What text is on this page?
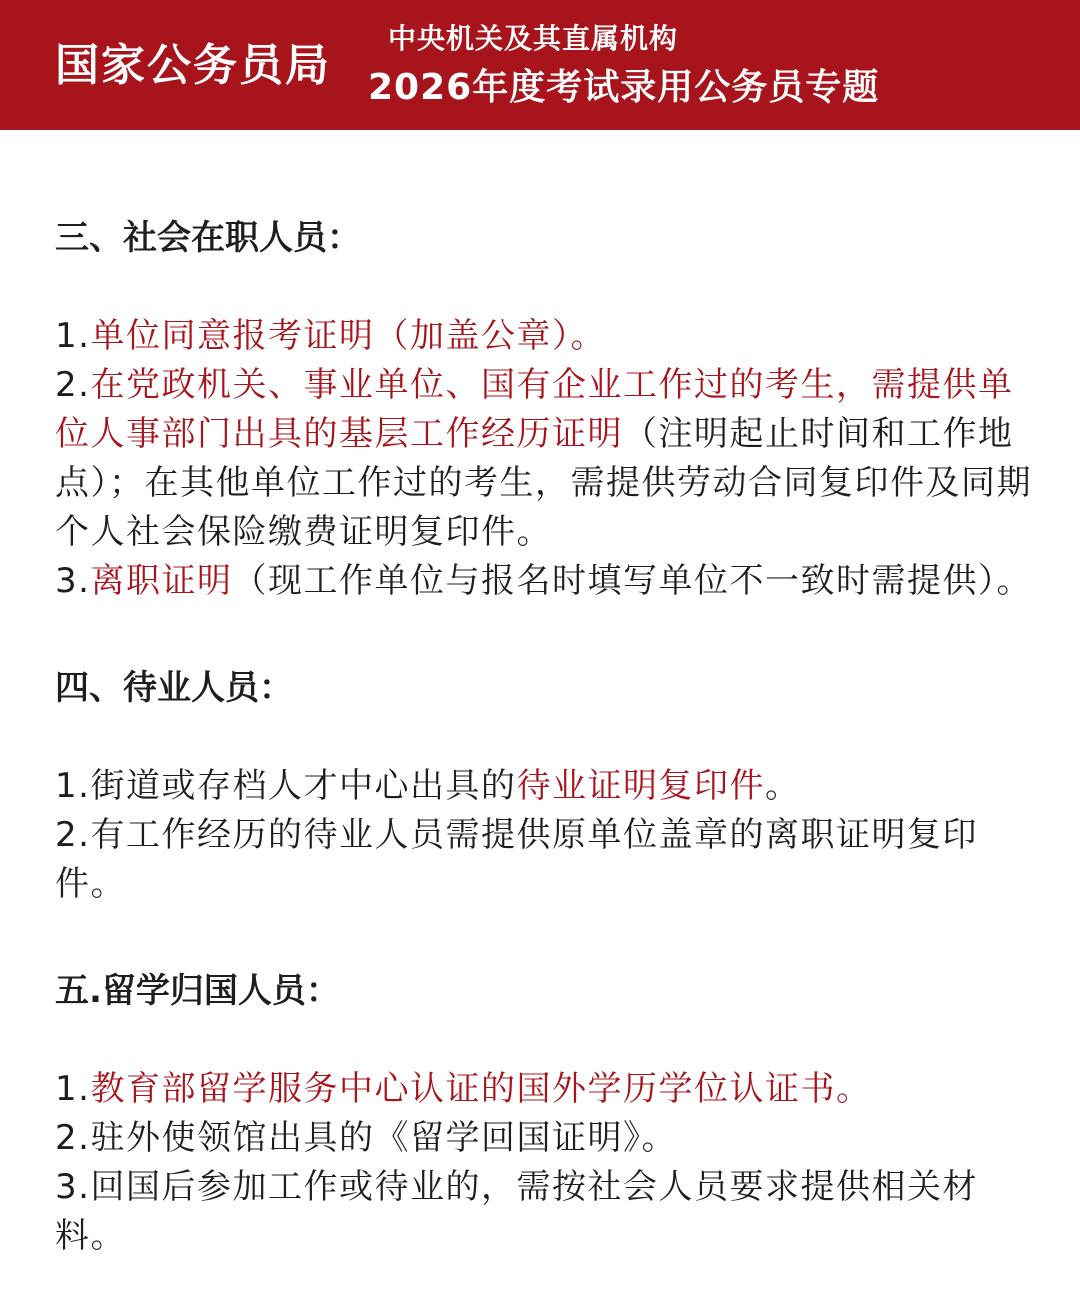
国家公务员局
中央机关及其直属机构
2026年度考试录用公务员专题

三、社会在职人员：

1.单位同意报考证明（加盖公章）。

2.在党政机关、事业单位、国有企业工作过的考生，需提供单位人事部门出具的基层工作经历证明（注明起止时间和工作地点）；在其他单位工作过的考生，需提供劳动合同复印件及同期个人社会保险缴费证明复印件。

3.离职证明（现工作单位与报名时填写单位不一致时需提供）。

四、待业人员：

1.街道或存档人才中心出具的待业证明复印件。

2.有工作经历的待业人员需提供原单位盖章的离职证明复印件。

五.留学归国人员：

1.教育部留学服务中心认证的国外学历学位认证书。

2.驻外使领馆出具的《留学回国证明》。

3.回国后参加工作或待业的，需按社会人员要求提供相关材料。
